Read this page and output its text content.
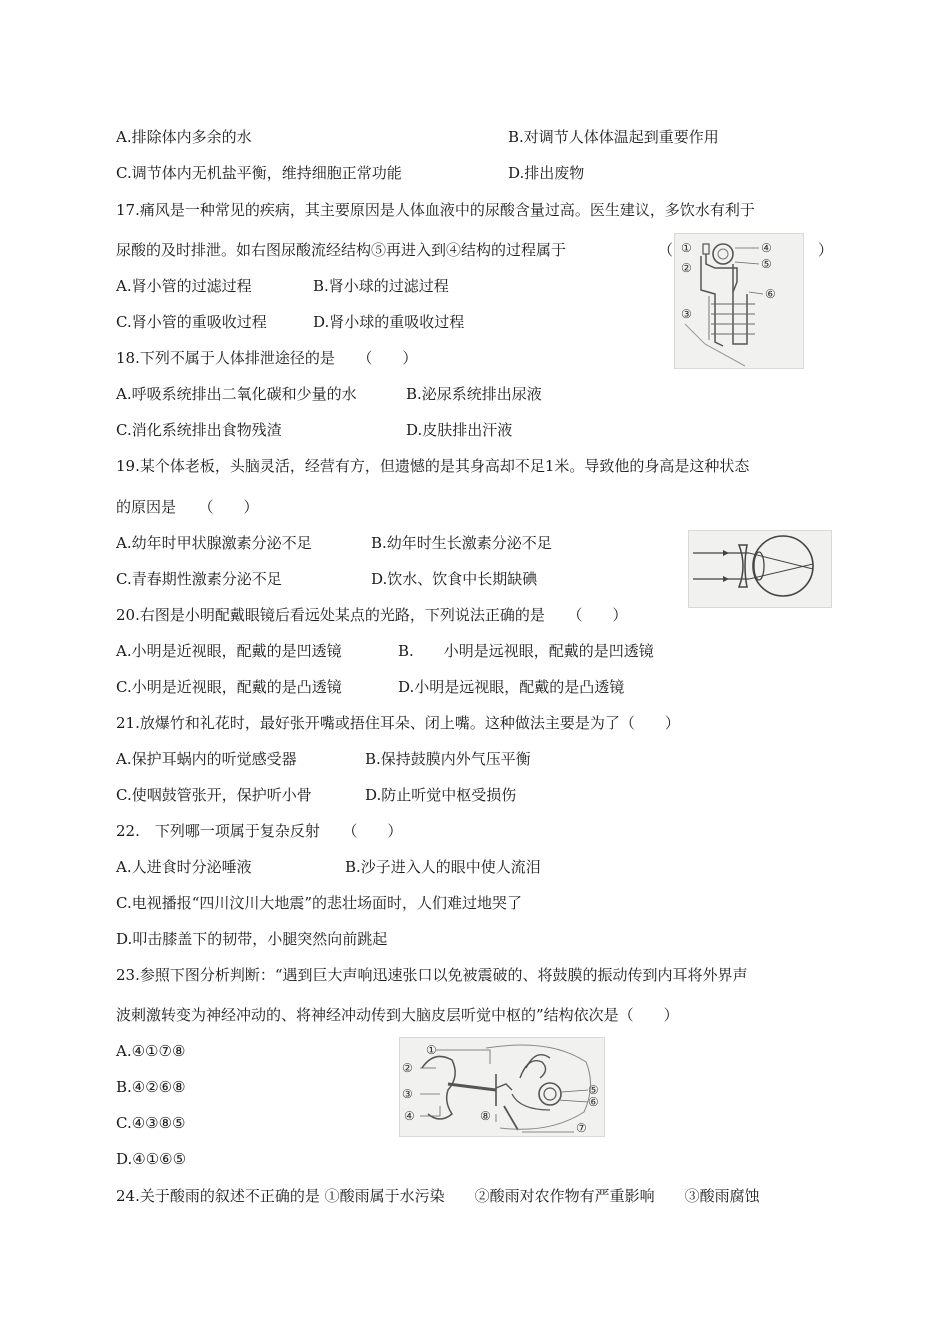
A.排除体内多余的水	B.对调节人体体温起到重要作用
C.调节体内无机盐平衡，维持细胞正常功能	D.排出废物
17.痛风是一种常见的疾病，其主要原因是人体血液中的尿酸含量过高。医生建议，多饮水有利于
尿酸的及时排泄。如右图尿酸流经结构⑤再进入到④结构的过程属于	（	）
①
②
③
④
⑤
⑥
A.肾小管的过滤过程	B.肾小球的过滤过程
C.肾小管的重吸收过程	D.肾小球的重吸收过程
18.下列不属于人体排泄途径的是　　（　　）
A.呼吸系统排出二氧化碳和少量的水	B.泌尿系统排出尿液
C.消化系统排出食物残渣	D.皮肤排出汗液
19.某个体老板，头脑灵活，经营有方，但遗憾的是其身高却不足1米。导致他的身高是这种状态
的原因是　　（　　）
A.幼年时甲状腺激素分泌不足	B.幼年时生长激素分泌不足
C.青春期性激素分泌不足	D.饮水、饮食中长期缺碘
20.右图是小明配戴眼镜后看远处某点的光路，下列说法正确的是　　（　　）
A.小明是近视眼，配戴的是凹透镜	B.　　小明是远视眼，配戴的是凹透镜
C.小明是近视眼，配戴的是凸透镜	D.小明是远视眼，配戴的是凸透镜
21.放爆竹和礼花时，最好张开嘴或捂住耳朵、闭上嘴。这种做法主要是为了（　　）
A.保护耳蜗内的听觉感受器	B.保持鼓膜内外气压平衡
C.使咽鼓管张开，保护听小骨	D.防止听觉中枢受损伤
22.　下列哪一项属于复杂反射　　（　　）
A.人进食时分泌唾液	B.沙子进入人的眼中使人流泪
C.电视播报“四川汶川大地震”的悲壮场面时，人们难过地哭了
D.叩击膝盖下的韧带，小腿突然向前跳起
23.参照下图分析判断：“遇到巨大声响迅速张口以免被震破的、将鼓膜的振动传到内耳将外界声
波刺激转变为神经冲动的、将神经冲动传到大脑皮层听觉中枢的”结构依次是（　　）
A.④①⑦⑧
B.④②⑥⑧
C.④③⑧⑤
D.④①⑥⑤
①
②
③
④
⑤
⑥
⑦
⑧
24.关于酸雨的叙述不正确的是 ①酸雨属于水污染　　②酸雨对农作物有严重影响　　③酸雨腐蚀
